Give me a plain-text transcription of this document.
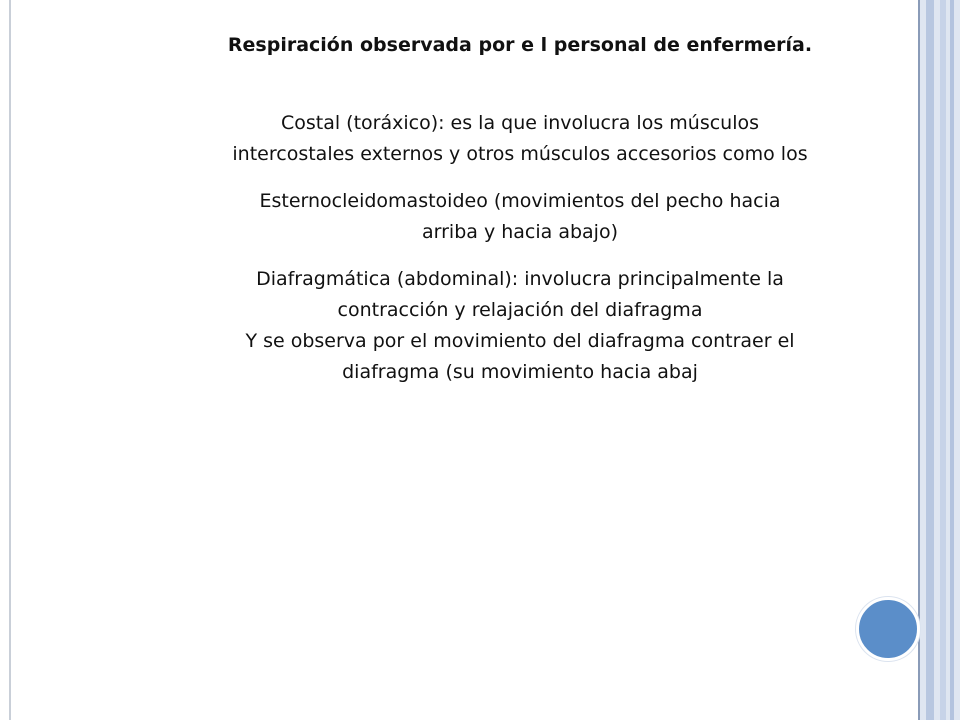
Respiración observada por e l personal de enfermería.

Costal (toráxico): es la que involucra los músculos

intercostales externos y otros músculos accesorios como los

Esternocleidomastoideo (movimientos del pecho hacia

arriba y hacia abajo)

Diafragmática (abdominal): involucra principalmente la

contracción y relajación del diafragma

Y se observa por el movimiento del diafragma contraer el

diafragma (su movimiento hacia abaj
